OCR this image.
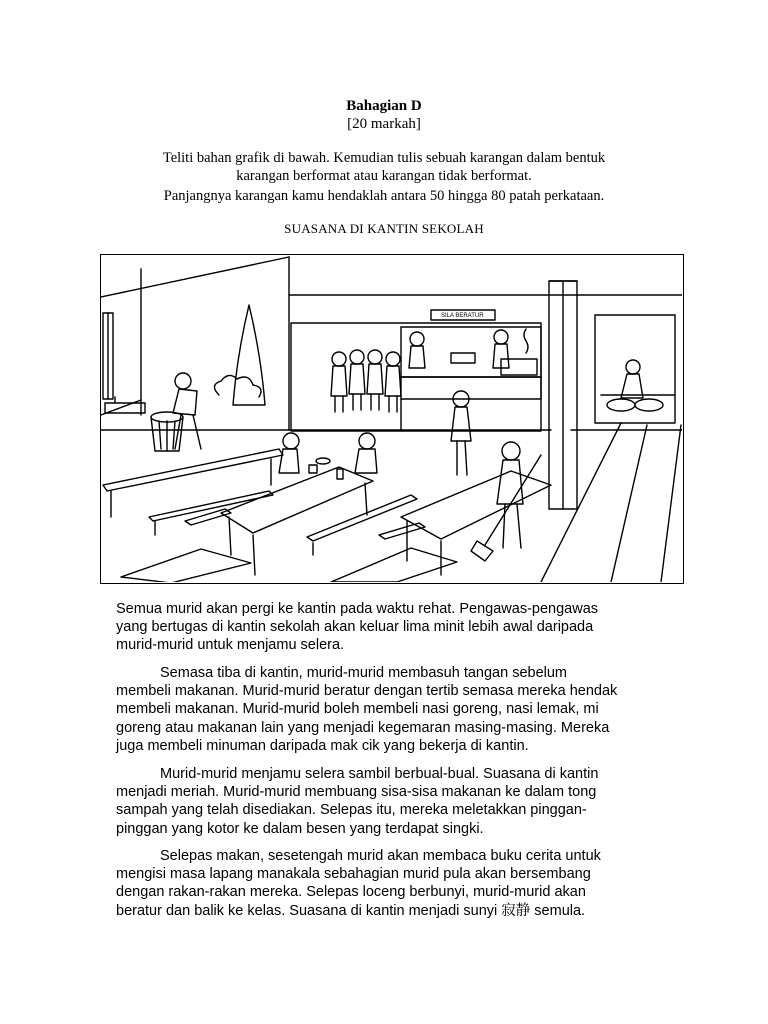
Bahagian D
[20 markah]
Teliti bahan grafik di bawah. Kemudian tulis sebuah karangan dalam bentuk
karangan berformat atau karangan tidak berformat.
Panjangnya karangan kamu hendaklah antara 50 hingga 80 patah perkataan.
SUASANA DI KANTIN SEKOLAH
SILA BERATUR
Semua murid akan pergi ke kantin pada waktu rehat. Pengawas-pengawas
yang bertugas di kantin sekolah akan keluar lima minit lebih awal daripada
murid-murid untuk menjamu selera.
Semasa tiba di kantin, murid-murid membasuh tangan sebelum
membeli makanan. Murid-murid beratur dengan tertib semasa mereka hendak
membeli makanan. Murid-murid boleh membeli nasi goreng, nasi lemak, mi
goreng atau makanan lain yang menjadi kegemaran masing-masing. Mereka
juga membeli minuman daripada mak cik yang bekerja di kantin.
Murid-murid menjamu selera sambil berbual-bual. Suasana di kantin
menjadi meriah. Murid-murid membuang sisa-sisa makanan ke dalam tong
sampah yang telah disediakan. Selepas itu, mereka meletakkan pinggan-
pinggan yang kotor ke dalam besen yang terdapat singki.
Selepas makan, sesetengah murid akan membaca buku cerita untuk
mengisi masa lapang manakala sebahagian murid pula akan bersembang
dengan rakan-rakan mereka. Selepas loceng berbunyi, murid-murid akan
beratur dan balik ke kelas. Suasana di kantin menjadi sunyi 寂静 semula.
